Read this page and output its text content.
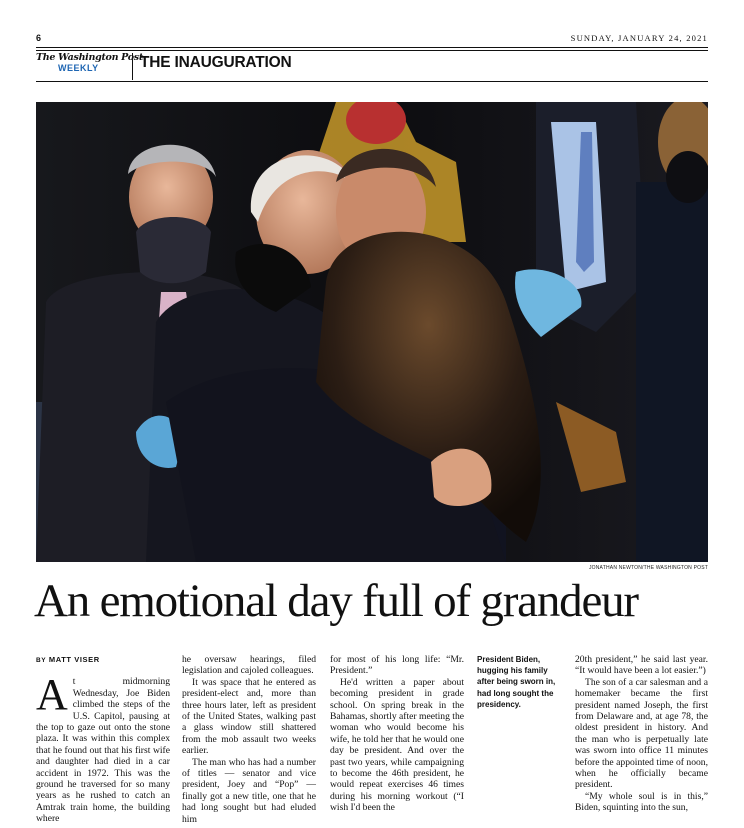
6	SUNDAY, JANUARY 24, 2021
The Washington Post
WEEKLY	THE INAUGURATION
JONATHAN NEWTON/THE WASHINGTON POST
An emotional day full of grandeur
BY MATT VISER

At midmorning Wednesday, Joe Biden climbed the steps of the U.S. Capitol, pausing at the top to gaze out onto the stone plaza. It was within this complex that he found out that his first wife and daughter had died in a car accident in 1972. This was the ground he traversed for so many years as he rushed to catch an Amtrak train home, the building where

he oversaw hearings, filed legislation and cajoled colleagues.

It was space that he entered as president-elect and, more than three hours later, left as president of the United States, walking past a glass window still shattered from the mob assault two weeks earlier.

The man who has had a number of titles — senator and vice president, Joey and “Pop” — finally got a new title, one that he had long sought but had eluded him

for most of his long life: “Mr. President.”

He'd written a paper about becoming president in grade school. On spring break in the Bahamas, shortly after meeting the woman who would become his wife, he told her that he would one day be president. And over the past two years, while campaigning to become the 46th president, he would repeat exercises 46 times during his morning workout (“I wish I'd been the

President Biden, hugging his family after being sworn in, had long sought the presidency.

20th president,” he said last year. “It would have been a lot easier.”)

The son of a car salesman and a homemaker became the first president named Joseph, the first from Delaware and, at age 78, the oldest president in history. And the man who is perpetually late was sworn into office 11 minutes before the appointed time of noon, when he officially became president.

“My whole soul is in this,” Biden, squinting into the sun,
